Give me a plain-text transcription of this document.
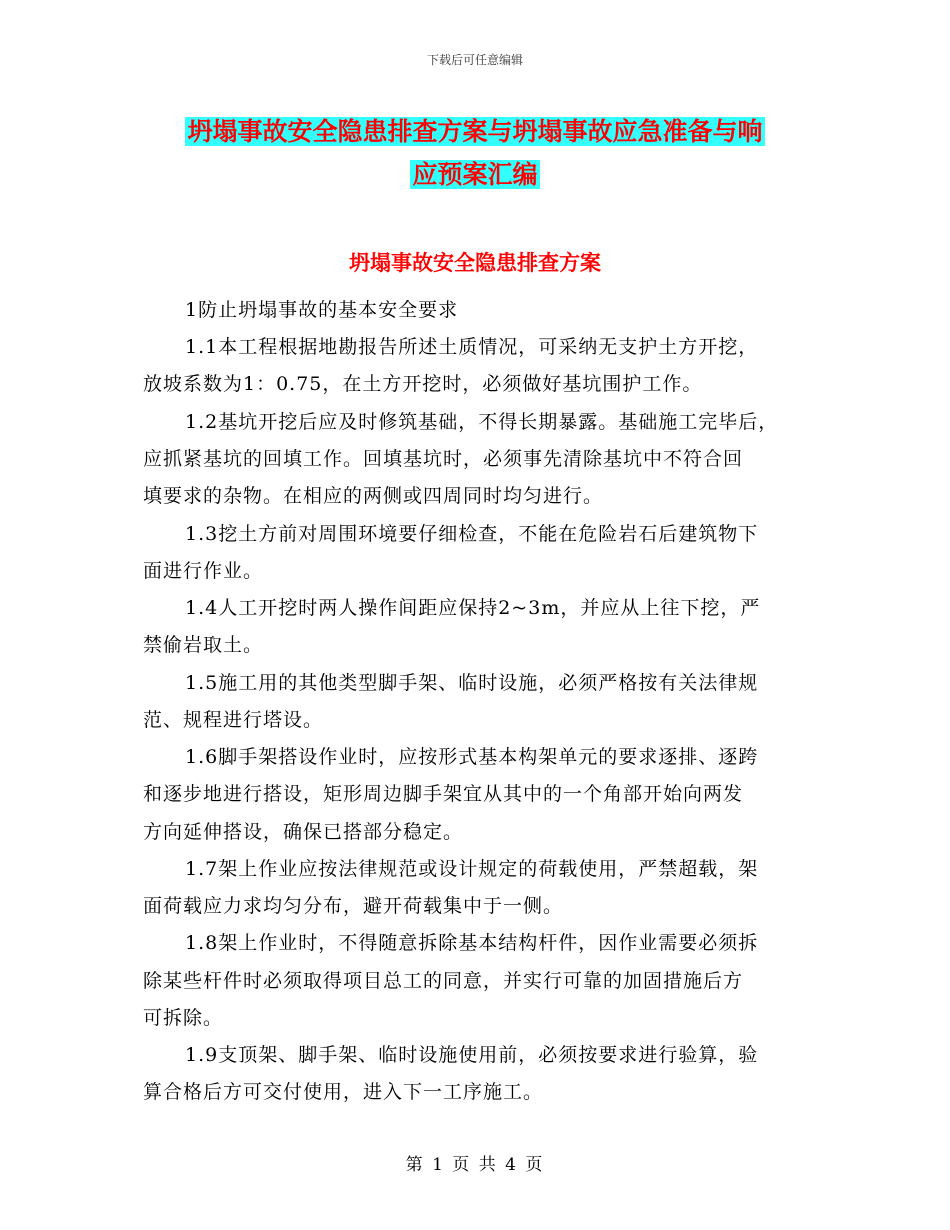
下载后可任意编辑
坍塌事故安全隐患排查方案与坍塌事故应急准备与响
应预案汇编
坍塌事故安全隐患排查方案
1防止坍塌事故的基本安全要求
1.1本工程根据地勘报告所述土质情况，可采纳无支护土方开挖，
放坡系数为1：0.75，在土方开挖时，必须做好基坑围护工作。
1.2基坑开挖后应及时修筑基础，不得长期暴露。基础施工完毕后，
应抓紧基坑的回填工作。回填基坑时，必须事先清除基坑中不符合回
填要求的杂物。在相应的两侧或四周同时均匀进行。
1.3挖土方前对周围环境要仔细检查，不能在危险岩石后建筑物下
面进行作业。
1.4人工开挖时两人操作间距应保持2~3m，并应从上往下挖，严
禁偷岩取土。
1.5施工用的其他类型脚手架、临时设施，必须严格按有关法律规
范、规程进行塔设。
1.6脚手架搭设作业时，应按形式基本构架单元的要求逐排、逐跨
和逐步地进行搭设，矩形周边脚手架宜从其中的一个角部开始向两发
方向延伸搭设，确保已搭部分稳定。
1.7架上作业应按法律规范或设计规定的荷载使用，严禁超载，架
面荷载应力求均匀分布，避开荷载集中于一侧。
1.8架上作业时，不得随意拆除基本结构杆件，因作业需要必须拆
除某些杆件时必须取得项目总工的同意，并实行可靠的加固措施后方
可拆除。
1.9支顶架、脚手架、临时设施使用前，必须按要求进行验算，验
算合格后方可交付使用，进入下一工序施工。
第 1 页 共 4 页
